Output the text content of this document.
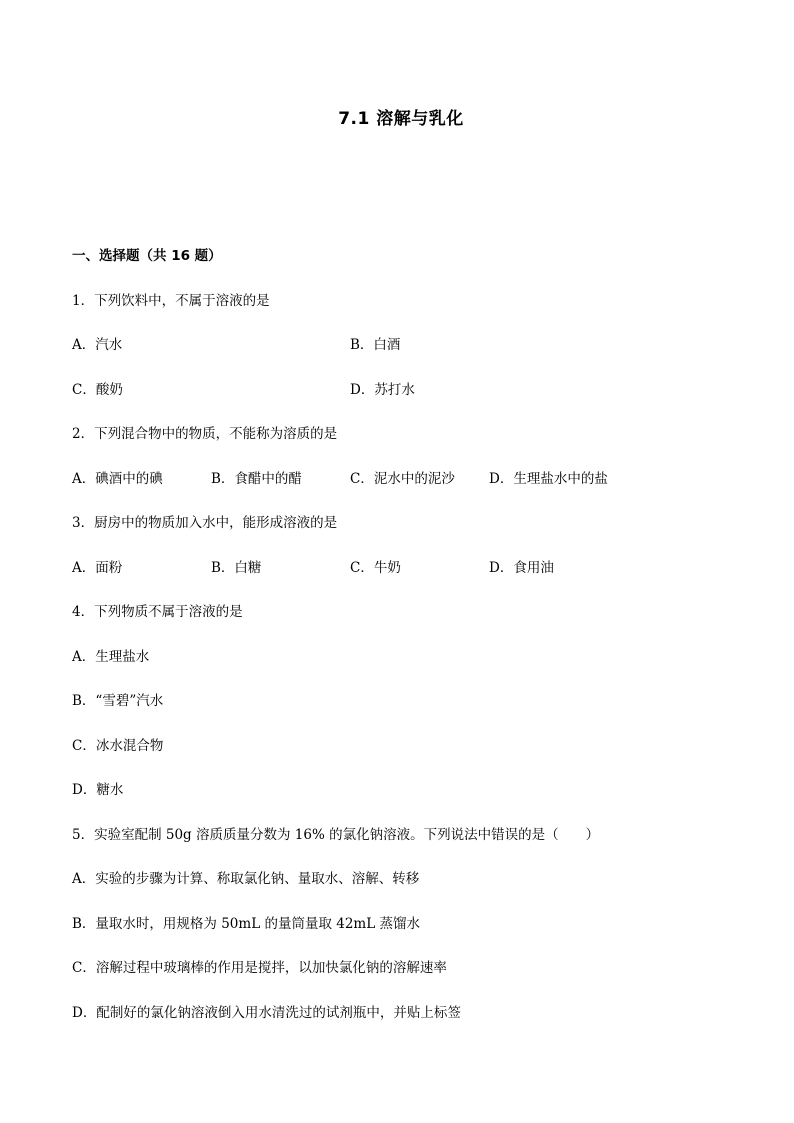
7.1 溶解与乳化
一、选择题（共 16 题）
1．下列饮料中，不属于溶液的是
A．汽水	B．白酒
C．酸奶	D．苏打水
2．下列混合物中的物质，不能称为溶质的是
A．碘酒中的碘	B．食醋中的醋	C．泥水中的泥沙	D．生理盐水中的盐
3．厨房中的物质加入水中，能形成溶液的是
A．面粉	B．白糖	C．牛奶	D．食用油
4．下列物质不属于溶液的是
A．生理盐水
B．“雪碧”汽水
C．冰水混合物
D．糖水
5．实验室配制 50g 溶质质量分数为 16% 的氯化钠溶液。下列说法中错误的是（　　）
A．实验的步骤为计算、称取氯化钠、量取水、溶解、转移
B．量取水时，用规格为 50mL 的量筒量取 42mL 蒸馏水
C．溶解过程中玻璃棒的作用是搅拌，以加快氯化钠的溶解速率
D．配制好的氯化钠溶液倒入用水清洗过的试剂瓶中，并贴上标签
